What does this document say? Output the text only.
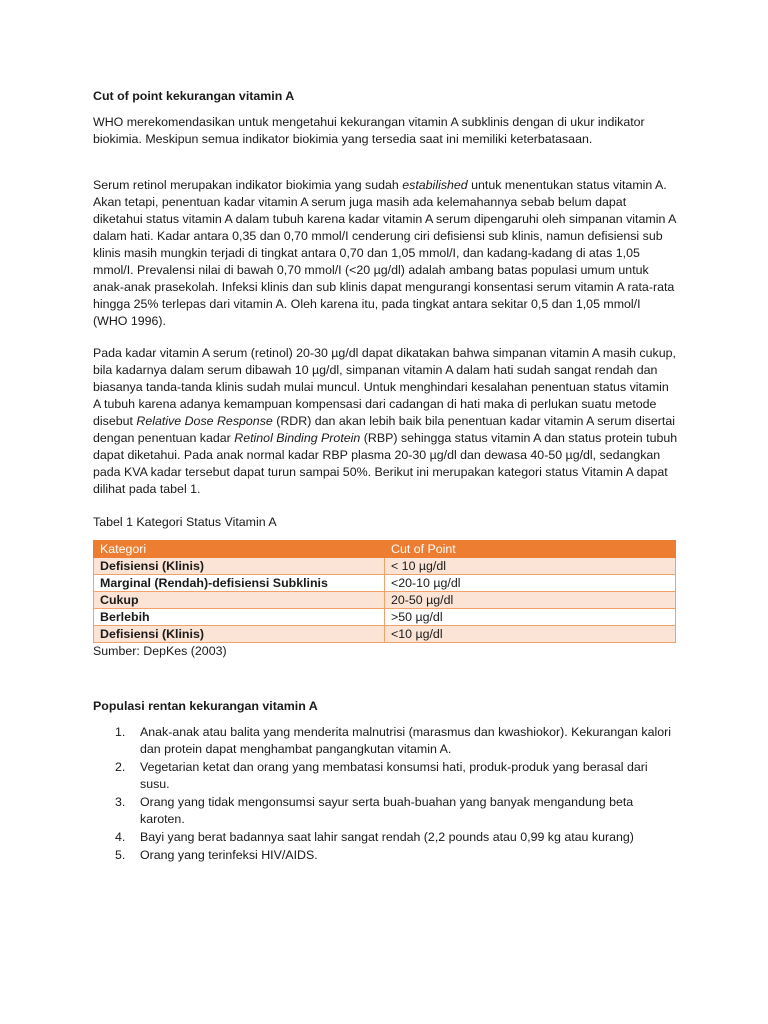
Cut of point kekurangan vitamin A

WHO merekomendasikan untuk mengetahui kekurangan vitamin A subklinis dengan di ukur indikator biokimia. Meskipun semua indikator biokimia yang tersedia saat ini memiliki keterbatasaan.

Serum retinol merupakan indikator biokimia yang sudah estabilished untuk menentukan status vitamin A. Akan tetapi, penentuan kadar vitamin A serum juga masih ada kelemahannya sebab belum dapat diketahui status vitamin A dalam tubuh karena kadar vitamin A serum dipengaruhi oleh simpanan vitamin A dalam hati. Kadar antara 0,35 dan 0,70 mmol/I cenderung ciri defisiensi sub klinis, namun defisiensi sub klinis masih mungkin terjadi di tingkat antara 0,70 dan 1,05 mmol/I, dan kadang-kadang di atas 1,05 mmol/I. Prevalensi nilai di bawah 0,70 mmol/I (<20 µg/dl) adalah ambang batas populasi umum untuk anak-anak prasekolah. Infeksi klinis dan sub klinis dapat mengurangi konsentasi serum vitamin A rata-rata hingga 25% terlepas dari vitamin A. Oleh karena itu, pada tingkat antara sekitar 0,5 dan 1,05 mmol/I (WHO 1996).

Pada kadar vitamin A serum (retinol) 20-30 µg/dl dapat dikatakan bahwa simpanan vitamin A masih cukup, bila kadarnya dalam serum dibawah 10 µg/dl, simpanan vitamin A dalam hati sudah sangat rendah dan biasanya tanda-tanda klinis sudah mulai muncul. Untuk menghindari kesalahan penentuan status vitamin A tubuh karena adanya kemampuan kompensasi dari cadangan di hati maka di perlukan suatu metode disebut Relative Dose Response (RDR) dan akan lebih baik bila penentuan kadar vitamin A serum disertai dengan penentuan kadar Retinol Binding Protein (RBP) sehingga status vitamin A dan status protein tubuh dapat diketahui. Pada anak normal kadar RBP plasma 20-30 µg/dl dan dewasa 40-50 µg/dl, sedangkan pada KVA kadar tersebut dapat turun sampai 50%. Berikut ini merupakan kategori status Vitamin A dapat dilihat pada tabel 1.

Tabel 1 Kategori Status Vitamin A

Kategori	Cut of Point
Defisiensi (Klinis)	< 10 µg/dl
Marginal (Rendah)-defisiensi Subklinis	<20-10 µg/dl
Cukup	20-50 µg/dl
Berlebih	>50 µg/dl
Defisiensi (Klinis)	<10 µg/dl

Sumber: DepKes (2003)

Populasi rentan kekurangan vitamin A

1. Anak-anak atau balita yang menderita malnutrisi (marasmus dan kwashiokor). Kekurangan kalori dan protein dapat menghambat pangangkutan vitamin A.
2. Vegetarian ketat dan orang yang membatasi konsumsi hati, produk-produk yang berasal dari susu.
3. Orang yang tidak mengonsumsi sayur serta buah-buahan yang banyak mengandung beta karoten.
4. Bayi yang berat badannya saat lahir sangat rendah (2,2 pounds atau 0,99 kg atau kurang)
5. Orang yang terinfeksi HIV/AIDS.
